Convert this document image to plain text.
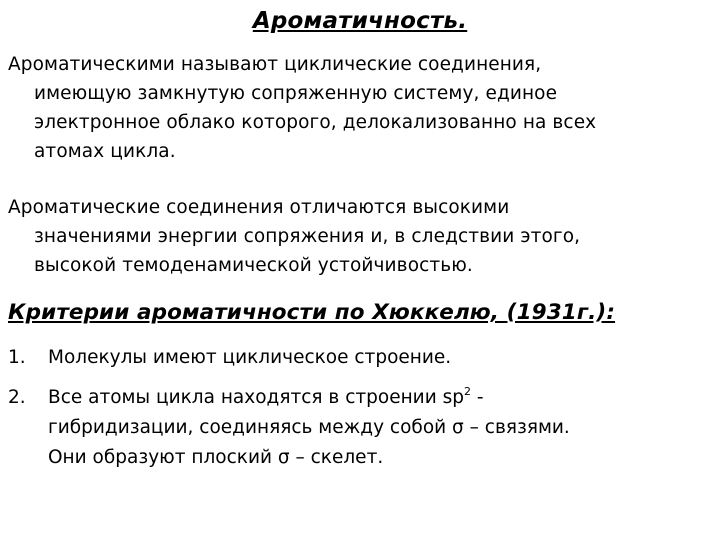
Ароматичность.
Ароматическими называют циклические соединения,
имеющую замкнутую сопряженную систему, единое
электронное облако которого, делокализованно на всех
атомах цикла.
Ароматические соединения отличаются высокими
значениями энергии сопряжения и, в следствии этого,
высокой темоденамической устойчивостью.
Критерии ароматичности по Хюккелю, (1931г.):
1. Молекулы имеют циклическое строение.
2. Все атомы цикла находятся в строении $sp^2$ -
гибридизации, соединяясь между собой σ – связями.
Они образуют плоский σ – скелет.
